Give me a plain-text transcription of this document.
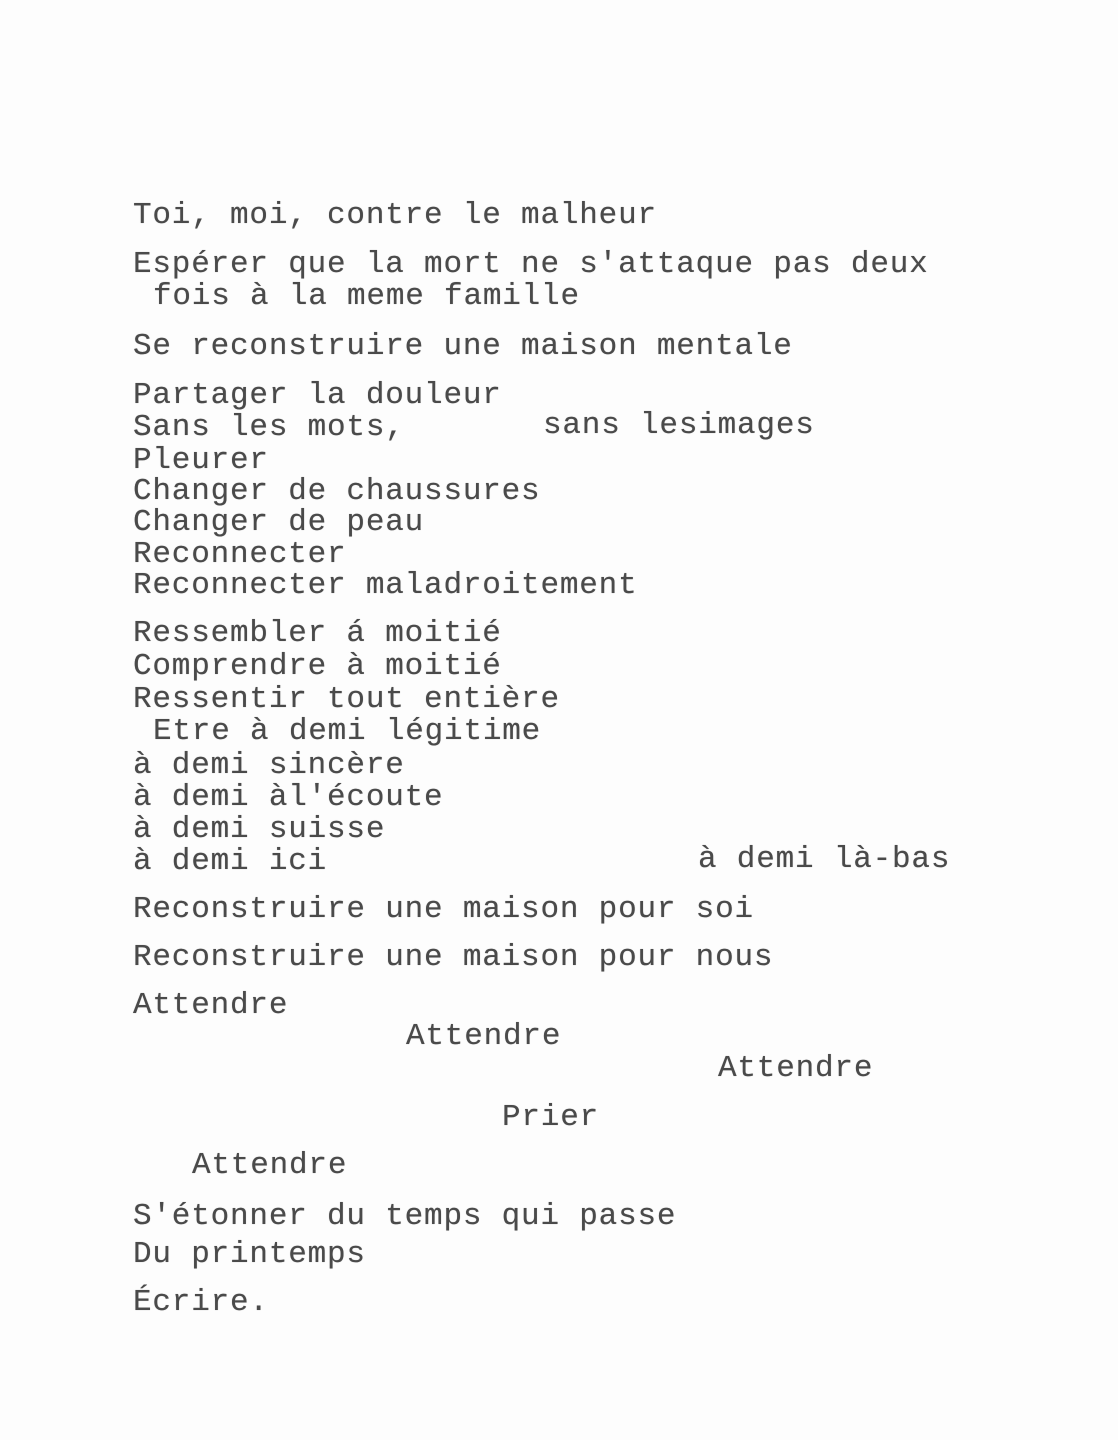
Toi, moi, contre le malheur
Espérer que la mort ne s'attaque pas deux
fois à la meme famille
Se reconstruire une maison mentale
Partager la douleur
Sans les mots,	sans lesimages
Pleurer
Changer de chaussures
Changer de peau
Reconnecter
Reconnecter maladroitement
Ressembler á moitié
Comprendre à moitié
Ressentir tout entière
Etre à demi légitime
à demi sincère
à demi àl'écoute
à demi suisse
à demi ici	à demi là-bas
Reconstruire une maison pour soi
Reconstruire une maison pour nous
Attendre
Attendre
Attendre
Prier
Attendre
S'étonner du temps qui passe
Du printemps
Écrire.
